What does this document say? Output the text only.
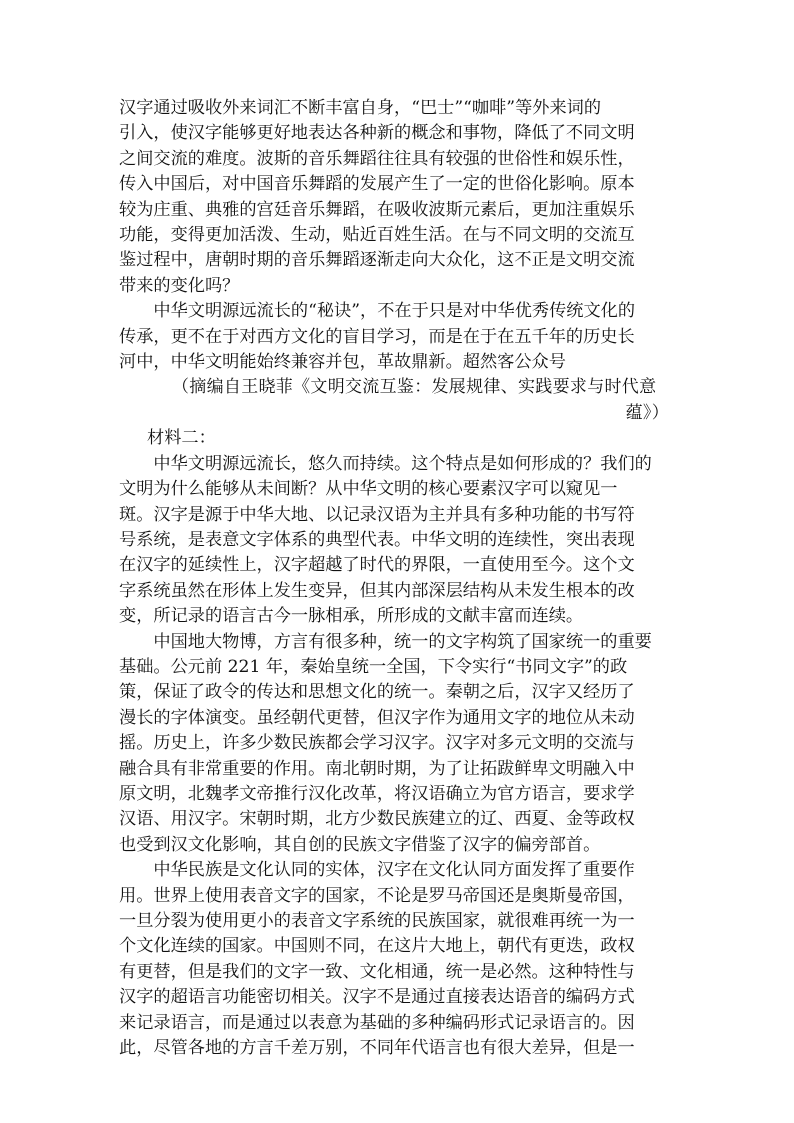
汉字通过吸收外来词汇不断丰富自身，“巴士”“咖啡”等外来词的
引入，使汉字能够更好地表达各种新的概念和事物，降低了不同文明
之间交流的难度。波斯的音乐舞蹈往往具有较强的世俗性和娱乐性，
传入中国后，对中国音乐舞蹈的发展产生了一定的世俗化影响。原本
较为庄重、典雅的宫廷音乐舞蹈，在吸收波斯元素后，更加注重娱乐
功能，变得更加活泼、生动，贴近百姓生活。在与不同文明的交流互
鉴过程中，唐朝时期的音乐舞蹈逐渐走向大众化，这不正是文明交流
带来的变化吗？

中华文明源远流长的“秘诀”，不在于只是对中华优秀传统文化的
传承，更不在于对西方文化的盲目学习，而是在于在五千年的历史长
河中，中华文明能始终兼容并包，革故鼎新。超然客公众号

（摘编自王晓菲《文明交流互鉴：发展规律、实践要求与时代意
蕴》）

材料二：

中华文明源远流长，悠久而持续。这个特点是如何形成的？我们的
文明为什么能够从未间断？从中华文明的核心要素汉字可以窥见一
斑。汉字是源于中华大地、以记录汉语为主并具有多种功能的书写符
号系统，是表意文字体系的典型代表。中华文明的连续性，突出表现
在汉字的延续性上，汉字超越了时代的界限，一直使用至今。这个文
字系统虽然在形体上发生变异，但其内部深层结构从未发生根本的改
变，所记录的语言古今一脉相承，所形成的文献丰富而连续。

中国地大物博，方言有很多种，统一的文字构筑了国家统一的重要
基础。公元前 221 年，秦始皇统一全国，下令实行“书同文字”的政
策，保证了政令的传达和思想文化的统一。秦朝之后，汉字又经历了
漫长的字体演变。虽经朝代更替，但汉字作为通用文字的地位从未动
摇。历史上，许多少数民族都会学习汉字。汉字对多元文明的交流与
融合具有非常重要的作用。南北朝时期，为了让拓跋鲜卑文明融入中
原文明，北魏孝文帝推行汉化改革，将汉语确立为官方语言，要求学
汉语、用汉字。宋朝时期，北方少数民族建立的辽、西夏、金等政权
也受到汉文化影响，其自创的民族文字借鉴了汉字的偏旁部首。

中华民族是文化认同的实体，汉字在文化认同方面发挥了重要作
用。世界上使用表音文字的国家，不论是罗马帝国还是奥斯曼帝国，
一旦分裂为使用更小的表音文字系统的民族国家，就很难再统一为一
个文化连续的国家。中国则不同，在这片大地上，朝代有更迭，政权
有更替，但是我们的文字一致、文化相通，统一是必然。这种特性与
汉字的超语言功能密切相关。汉字不是通过直接表达语音的编码方式
来记录语言，而是通过以表意为基础的多种编码形式记录语言的。因
此，尽管各地的方言千差万别，不同年代语言也有很大差异，但是一
